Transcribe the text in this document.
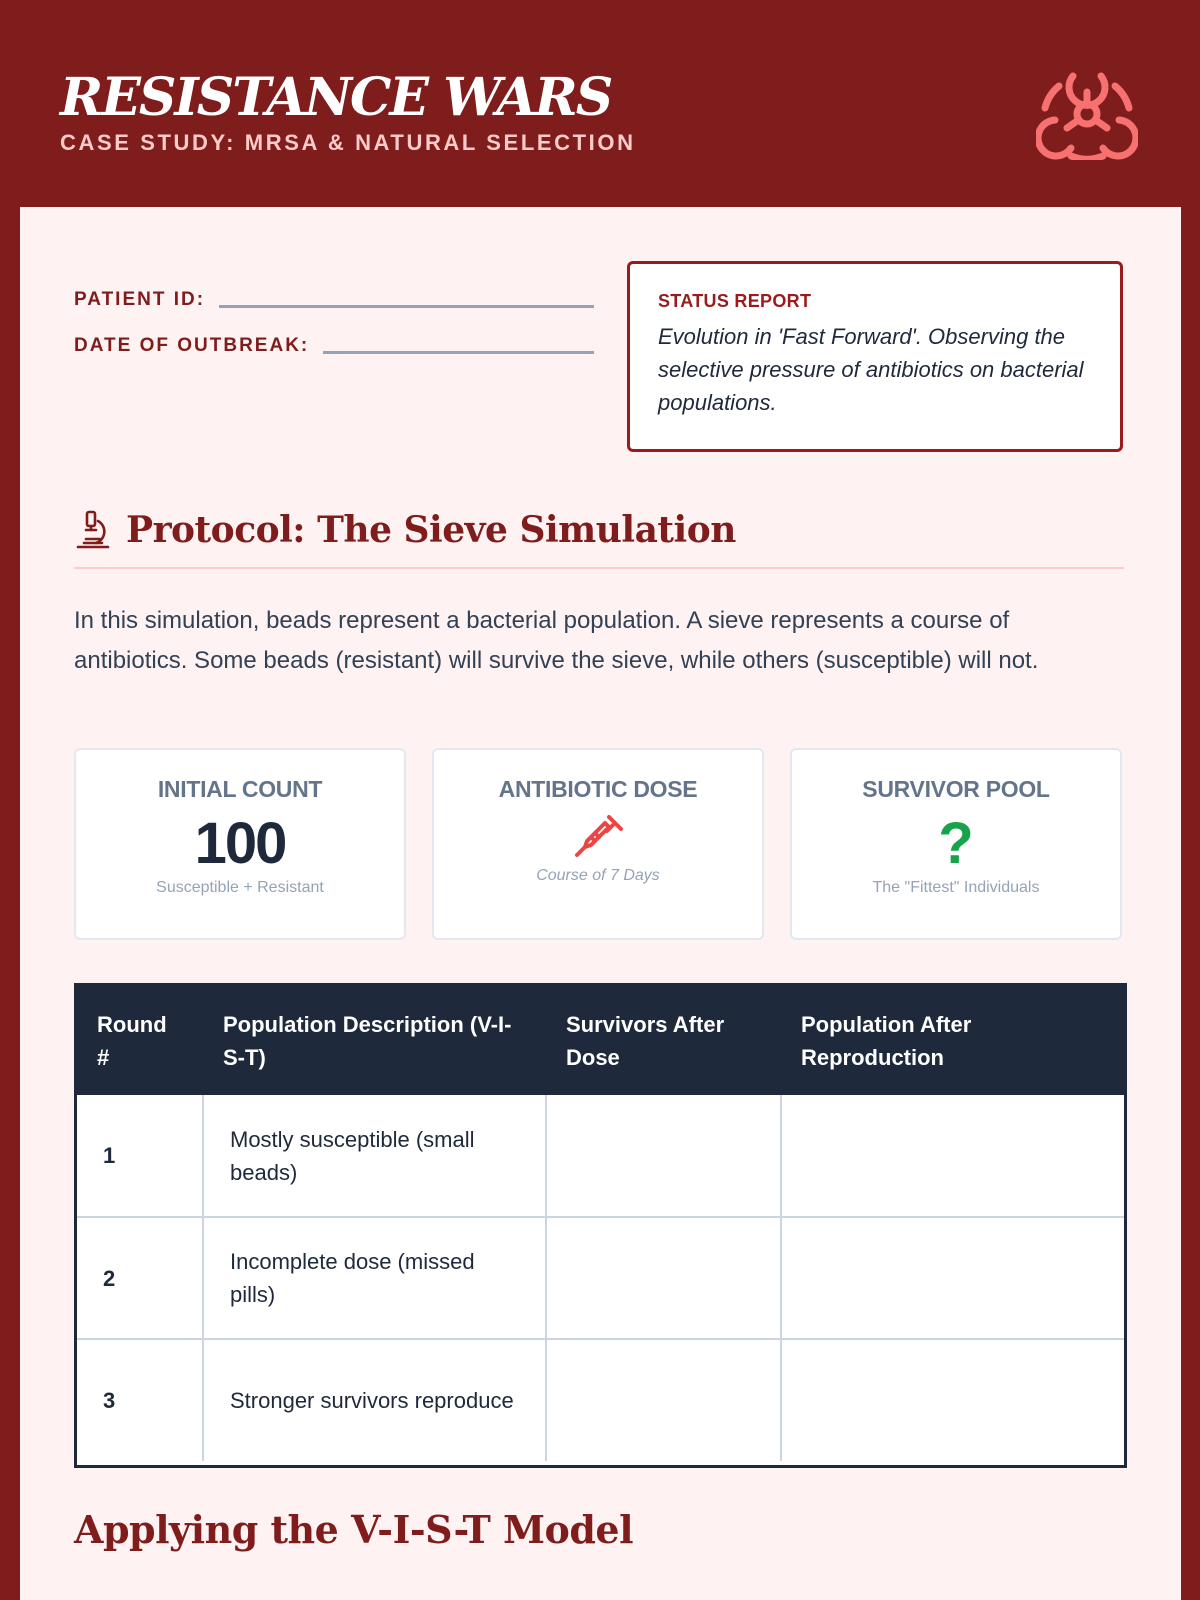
RESISTANCE WARS
CASE STUDY: MRSA & NATURAL SELECTION
PATIENT ID:
DATE OF OUTBREAK:
STATUS REPORT
Evolution in 'Fast Forward'. Observing the selective pressure of antibiotics on bacterial populations.
Protocol: The Sieve Simulation
In this simulation, beads represent a bacterial population. A sieve represents a course of antibiotics. Some beads (resistant) will survive the sieve, while others (susceptible) will not.
INITIAL COUNT
100
Susceptible + Resistant
ANTIBIOTIC DOSE
Course of 7 Days
SURVIVOR POOL
?
The "Fittest" Individuals
Round #	Population Description (V-I-S-T)	Survivors After Dose	Population After Reproduction
1	Mostly susceptible (small beads)		
2	Incomplete dose (missed pills)		
3	Stronger survivors reproduce		
Applying the V-I-S-T Model
